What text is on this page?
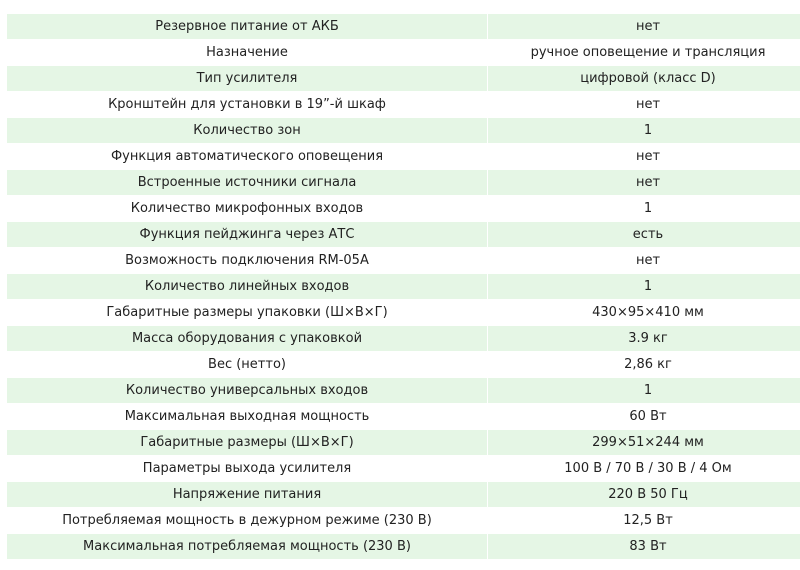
Резервное питание от АКБ	нет
Назначение	ручное оповещение и трансляция
Тип усилителя	цифровой (класс D)
Кронштейн для установки в 19”-й шкаф	нет
Количество зон	1
Функция автоматического оповещения	нет
Встроенные источники сигнала	нет
Количество микрофонных входов	1
Функция пейджинга через АТС	есть
Возможность подключения RM-05A	нет
Количество линейных входов	1
Габаритные размеры упаковки (Ш×В×Г)	430×95×410 мм
Масса оборудования с упаковкой	3.9 кг
Вес (нетто)	2,86 кг
Количество универсальных входов	1
Максимальная выходная мощность	60 Вт
Габаритные размеры (Ш×В×Г)	299×51×244 мм
Параметры выхода усилителя	100 В / 70 В / 30 В / 4 Ом
Напряжение питания	220 В 50 Гц
Потребляемая мощность в дежурном режиме (230 В)	12,5 Вт
Максимальная потребляемая мощность (230 В)	83 Вт
